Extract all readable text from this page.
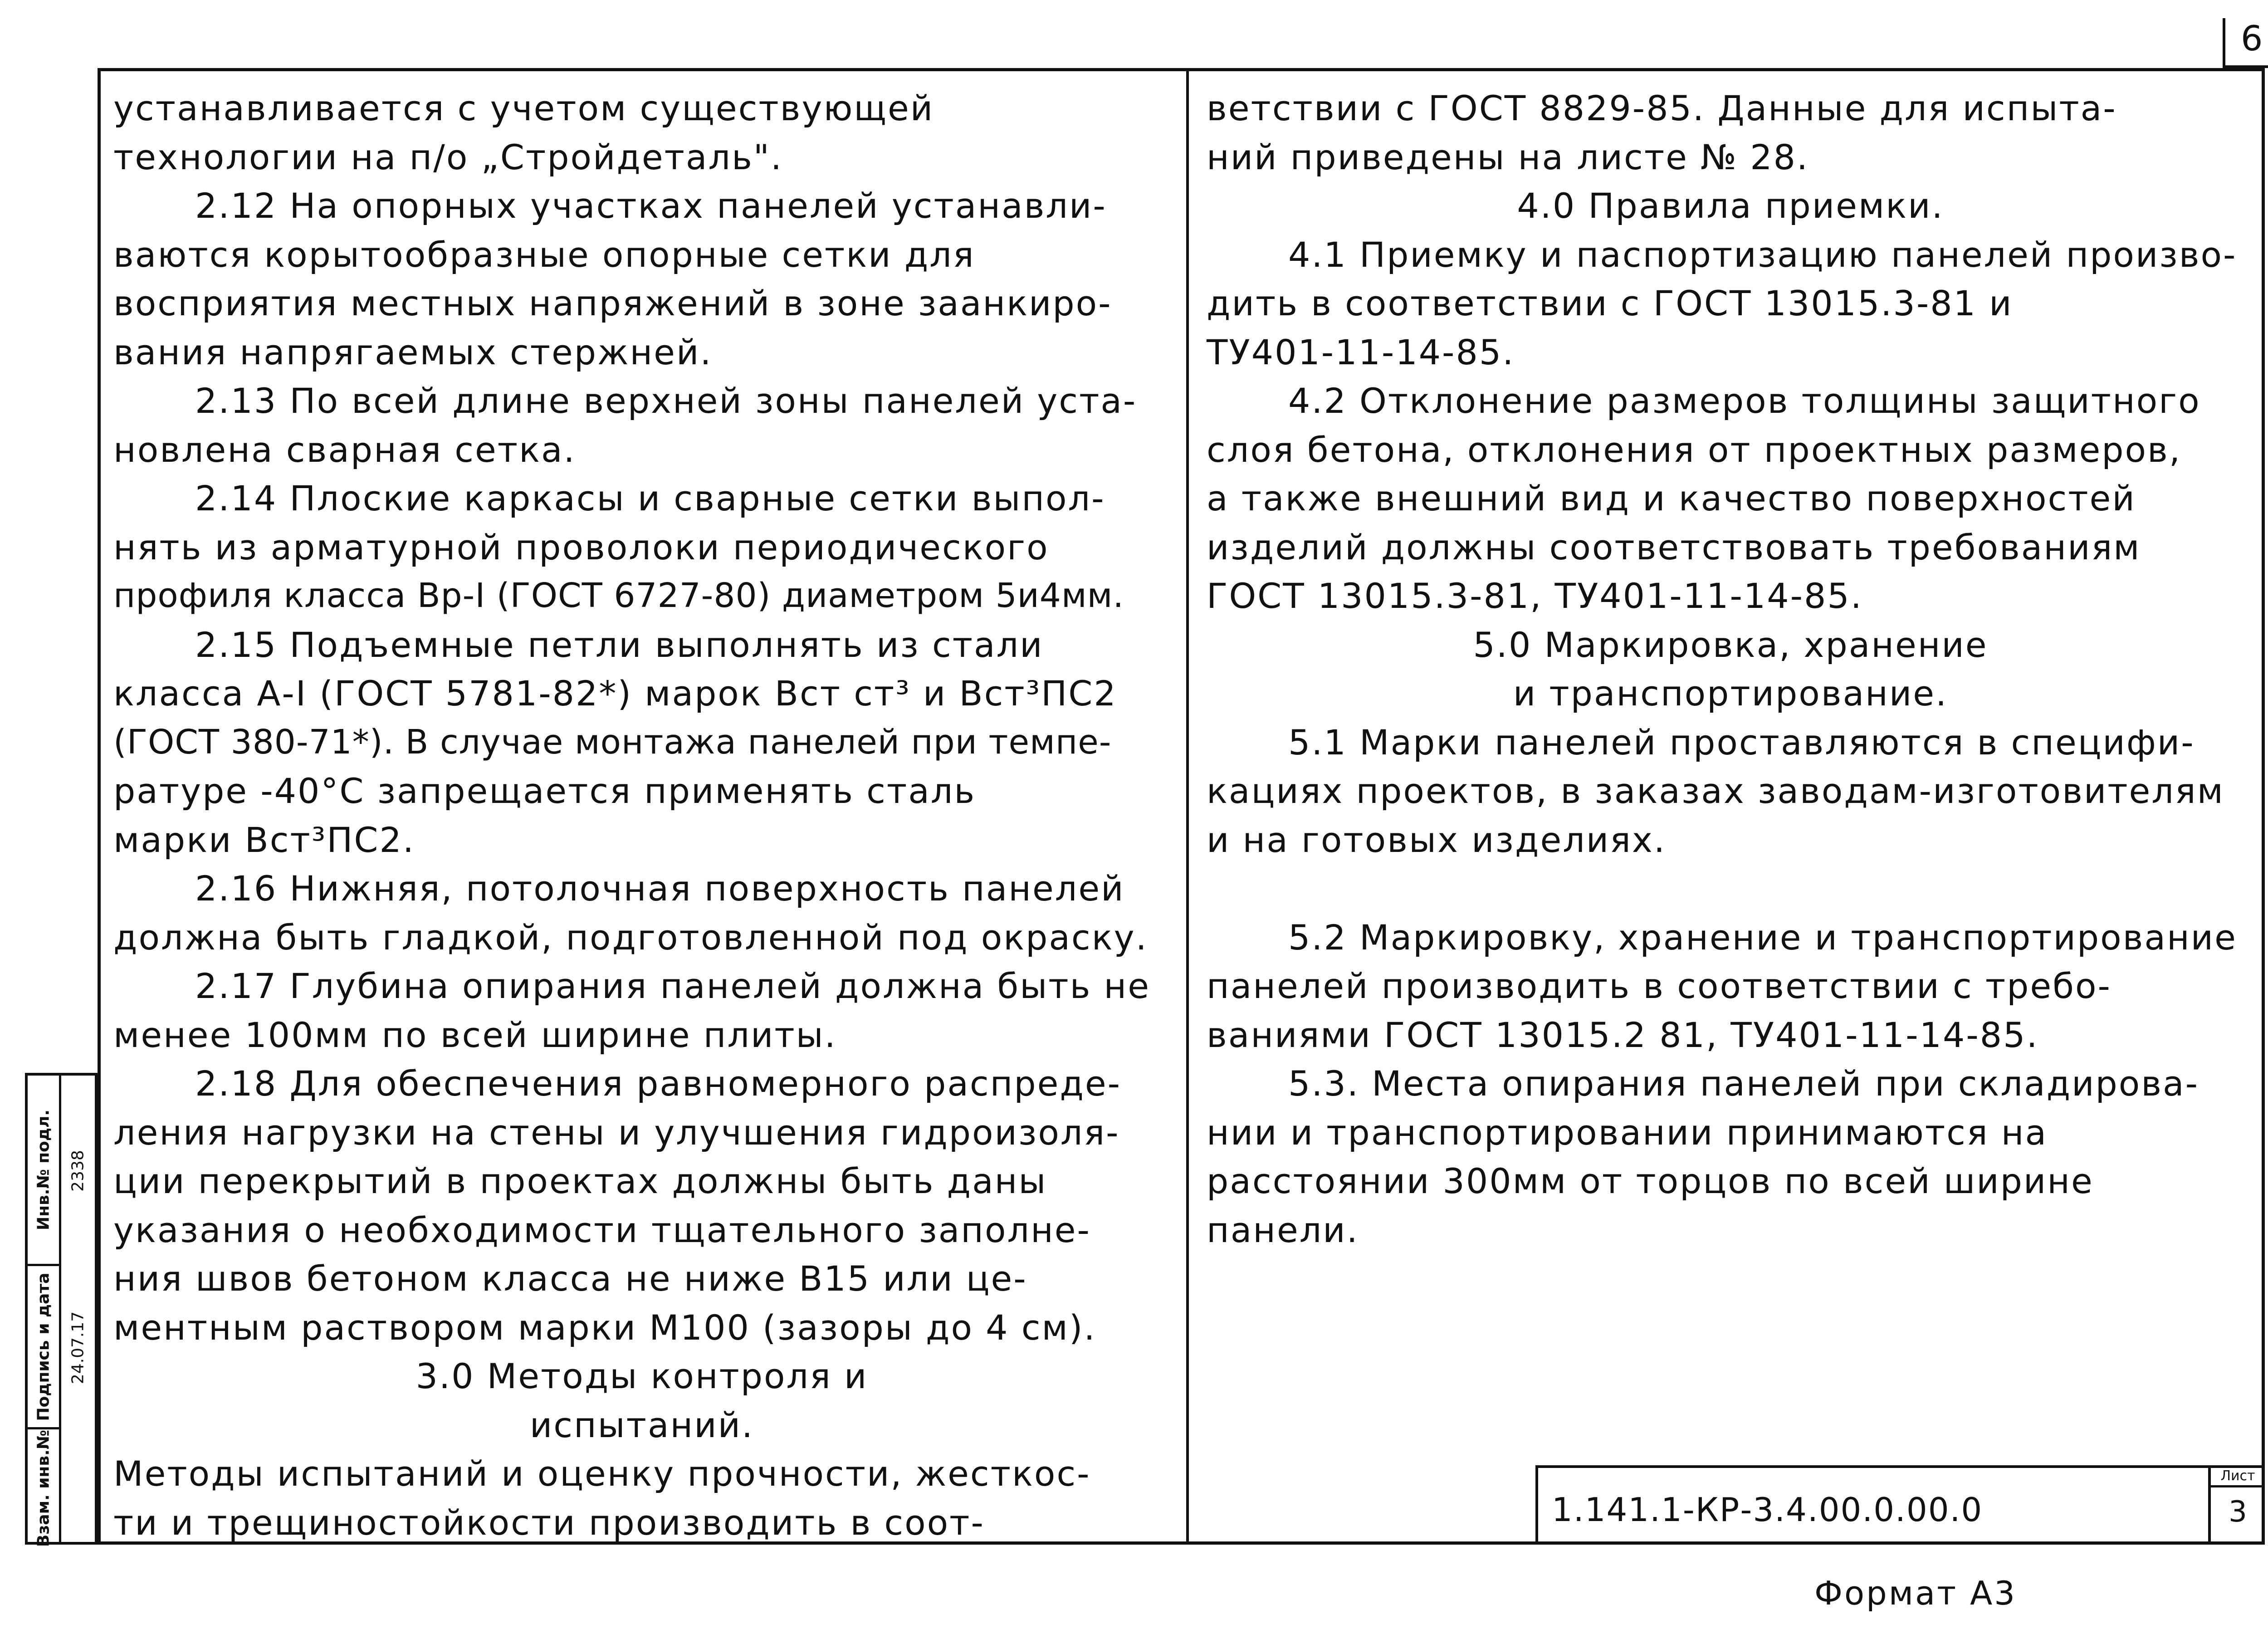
6
устанавливается с учетом существующей
технологии на п/о „Стройдеталь".
2.12 На опорных участках панелей устанавли-
ваются корытообразные опорные сетки для
восприятия местных напряжений в зоне заанкиро-
вания напрягаемых стержней.
2.13 По всей длине верхней зоны панелей уста-
новлена сварная сетка.
2.14 Плоские каркасы и сварные сетки выпол-
нять из арматурной проволоки периодического
профиля класса Вр-I (ГОСТ 6727-80) диаметром 5и4мм.
2.15 Подъемные петли выполнять из стали
класса А-I (ГОСТ 5781-82*) марок Вст ст³ и Вст³ПС2
(ГОСТ 380-71*). В случае монтажа панелей при темпе-
ратуре -40°С запрещается применять сталь
марки Вст³ПС2.
2.16 Нижняя, потолочная поверхность панелей
должна быть гладкой, подготовленной под окраску.
2.17 Глубина опирания панелей должна быть не
менее 100мм по всей ширине плиты.
2.18 Для обеспечения равномерного распреде-
ления нагрузки на стены и улучшения гидроизоля-
ции перекрытий в проектах должны быть даны
указания о необходимости тщательного заполне-
ния швов бетоном класса не ниже В15 или це-
ментным раствором марки М100 (зазоры до 4 см).
3.0 Методы контроля и
испытаний.
Методы испытаний и оценку прочности, жесткос-
ти и трещиностойкости производить в соот-
ветствии с ГОСТ 8829-85. Данные для испыта-
ний приведены на листе № 28.
4.0 Правила приемки.
4.1 Приемку и паспортизацию панелей произво-
дить в соответствии с ГОСТ 13015.3-81 и
ТУ401-11-14-85.
4.2 Отклонение размеров толщины защитного
слоя бетона, отклонения от проектных размеров,
а также внешний вид и качество поверхностей
изделий должны соответствовать требованиям
ГОСТ 13015.3-81, ТУ401-11-14-85.
5.0 Маркировка, хранение
и транспортирование.
5.1 Марки панелей проставляются в специфи-
кациях проектов, в заказах заводам-изготовителям
и на готовых изделиях.
5.2 Маркировку, хранение и транспортирование
панелей производить в соответствии с требо-
ваниями ГОСТ 13015.2 81, ТУ401-11-14-85.
5.3. Места опирания панелей при складирова-
нии и транспортировании принимаются на
расстоянии 300мм от торцов по всей ширине
панели.
Инв.№ подл.
Подпись и дата
Взам. инв.№
2338
24.07.17
1.141.1-КР-3.4.00.0.00.0
Лист
3
Формат А3
